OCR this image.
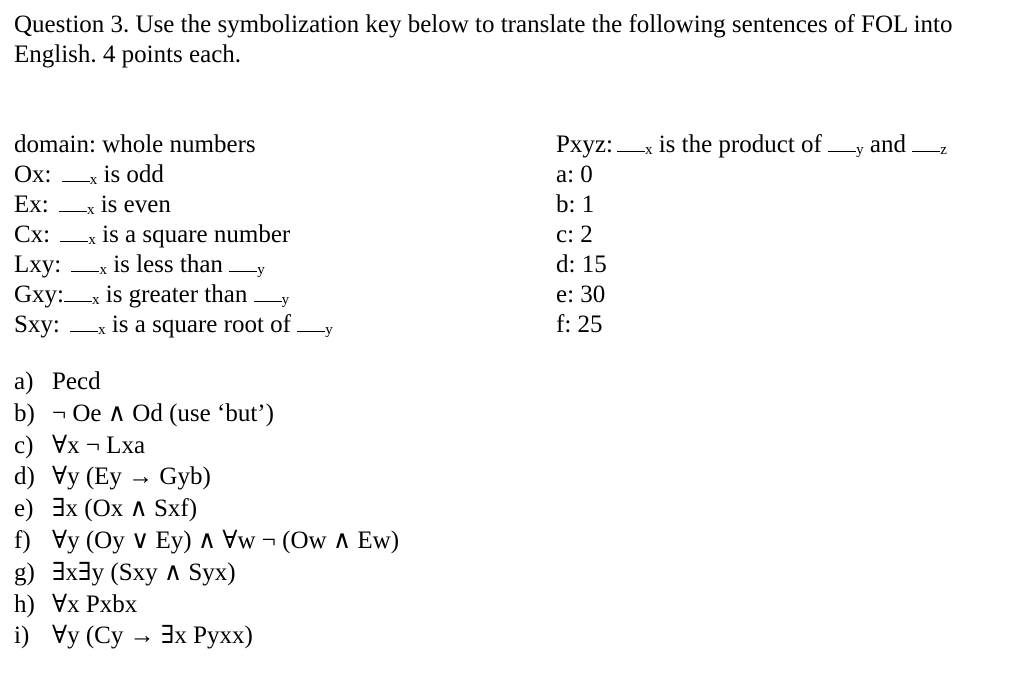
Question 3. Use the symbolization key below to translate the following sentences of FOL into
English. 4 points each.
domain: whole numbers
Ox:	x is odd
Ex:	x is even
Cx:	x is a square number
Lxy:	x is less than y
Gxy: x is greater than y
Sxy:	x is a square root of y
Pxyz: x is the product of y and z
a: 0
b: 1
c: 2
d: 15
e: 30
f: 25
a) Pecd
b) ¬ Oe ∧ Od (use ‘but’)
c) ∀x ¬ Lxa
d) ∀y (Ey → Gyb)
e) ∃x (Ox ∧ Sxf)
f) ∀y (Oy ∨ Ey) ∧ ∀w ¬ (Ow ∧ Ew)
g) ∃x∃y (Sxy ∧ Syx)
h) ∀x Pxbx
i) ∀y (Cy → ∃x Pyxx)
